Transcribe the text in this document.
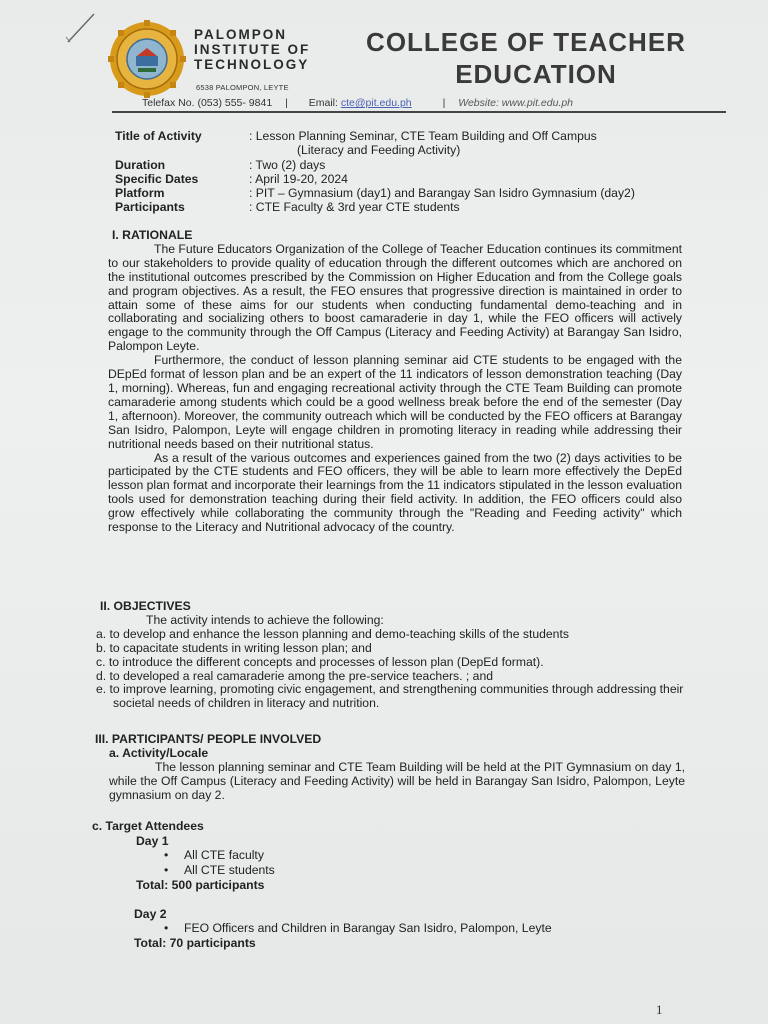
PALOMPON
INSTITUTE OF
TECHNOLOGY
6538 PALOMPON, LEYTE
COLLEGE OF TEACHER
EDUCATION
Telefax No. (053) 555- 9841 | Email: cte@pit.edu.ph	| Website: www.pit.edu.ph
Title of Activity	: Lesson Planning Seminar, CTE Team Building and Off Campus
(Literacy and Feeding Activity)
Duration	: Two (2) days
Specific Dates	: April 19-20, 2024
Platform	: PIT – Gymnasium (day1) and Barangay San Isidro Gymnasium (day2)
Participants	: CTE Faculty & 3rd year CTE students
I. RATIONALE

The Future Educators Organization of the College of Teacher Education continues its commitment to our stakeholders to provide quality of education through the different outcomes which are anchored on the institutional outcomes prescribed by the Commission on Higher Education and from the College goals and program objectives. As a result, the FEO ensures that progressive direction is maintained in order to attain some of these aims for our students when conducting fundamental demo-teaching and in collaborating and socializing others to boost camaraderie in day 1, while the FEO officers will actively engage to the community through the Off Campus (Literacy and Feeding Activity) at Barangay San Isidro, Palompon Leyte.

Furthermore, the conduct of lesson planning seminar aid CTE students to be engaged with the DEpEd format of lesson plan and be an expert of the 11 indicators of lesson demonstration teaching (Day 1, morning). Whereas, fun and engaging recreational activity through the CTE Team Building can promote camaraderie among students which could be a good wellness break before the end of the semester (Day 1, afternoon). Moreover, the community outreach which will be conducted by the FEO officers at Barangay San Isidro, Palompon, Leyte will engage children in promoting literacy in reading while addressing their nutritional needs based on their nutritional status.

As a result of the various outcomes and experiences gained from the two (2) days activities to be participated by the CTE students and FEO officers, they will be able to learn more effectively the DepEd lesson plan format and incorporate their learnings from the 11 indicators stipulated in the lesson evaluation tools used for demonstration teaching during their field activity. In addition, the FEO officers could also grow effectively while collaborating the community through the "Reading and Feeding activity" which response to the Literacy and Nutritional advocacy of the country.

II. OBJECTIVES
The activity intends to achieve the following:
a. to develop and enhance the lesson planning and demo-teaching skills of the students
b. to capacitate students in writing lesson plan; and
c. to introduce the different concepts and processes of lesson plan (DepEd format).
d. to developed a real camaraderie among the pre-service teachers. ; and
e. to improve learning, promoting civic engagement, and strengthening communities through addressing their societal needs of children in literacy and nutrition.
III. PARTICIPANTS/ PEOPLE INVOLVED
a. Activity/Locale

The lesson planning seminar and CTE Team Building will be held at the PIT Gymnasium on day 1, while the Off Campus (Literacy and Feeding Activity) will be held in Barangay San Isidro, Palompon, Leyte gymnasium on day 2.

c. Target Attendees
Day 1
• All CTE faculty
• All CTE students
Total: 500 participants
Day 2
• FEO Officers and Children in Barangay San Isidro, Palompon, Leyte
Total: 70 participants
1
